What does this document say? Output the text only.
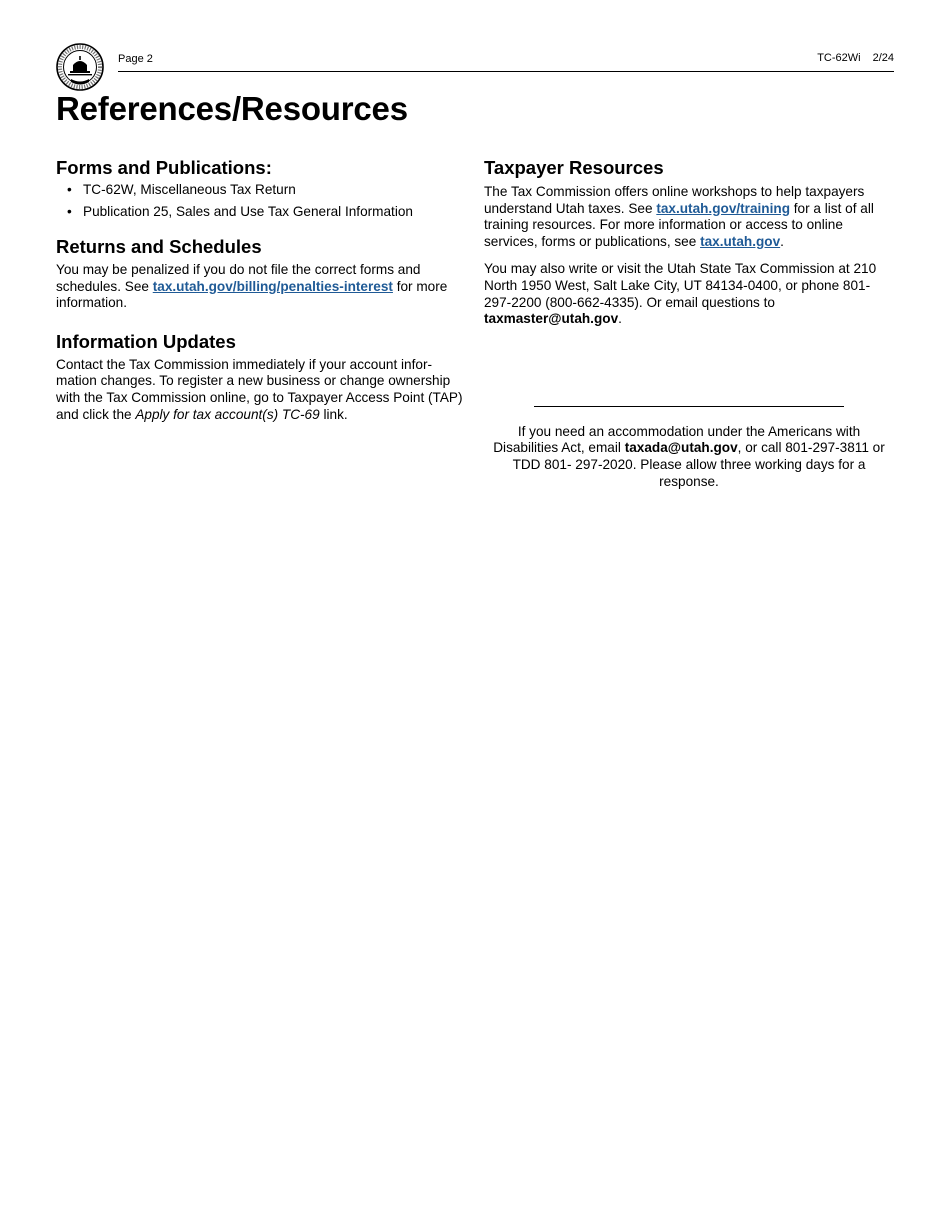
Page 2	TC-62Wi 2/24
References/Resources
Forms and Publications:
• TC-62W, Miscellaneous Tax Return
• Publication 25, Sales and Use Tax General Information
Returns and Schedules

You may be penalized if you do not file the correct forms and schedules. See tax.utah.gov/billing/penalties-interest for more information.

Information Updates

Contact the Tax Commission immediately if your account infor-mation changes. To register a new business or change ownership with the Tax Commission online, go to Taxpayer Access Point (TAP) and click the Apply for tax account(s) TC-69 link.

Taxpayer Resources

The Tax Commission offers online workshops to help taxpayers understand Utah taxes. See tax.utah.gov/training for a list of all training resources. For more information or access to online services, forms or publications, see tax.utah.gov.

You may also write or visit the Utah State Tax Commission at 210 North 1950 West, Salt Lake City, UT 84134-0400, or phone 801-297-2200 (800-662-4335). Or email questions to taxmaster@utah.gov.

If you need an accommodation under the Americans with Disabilities Act, email taxada@utah.gov, or call 801-297-3811 or TDD 801- 297-2020. Please allow three working days for a response.
